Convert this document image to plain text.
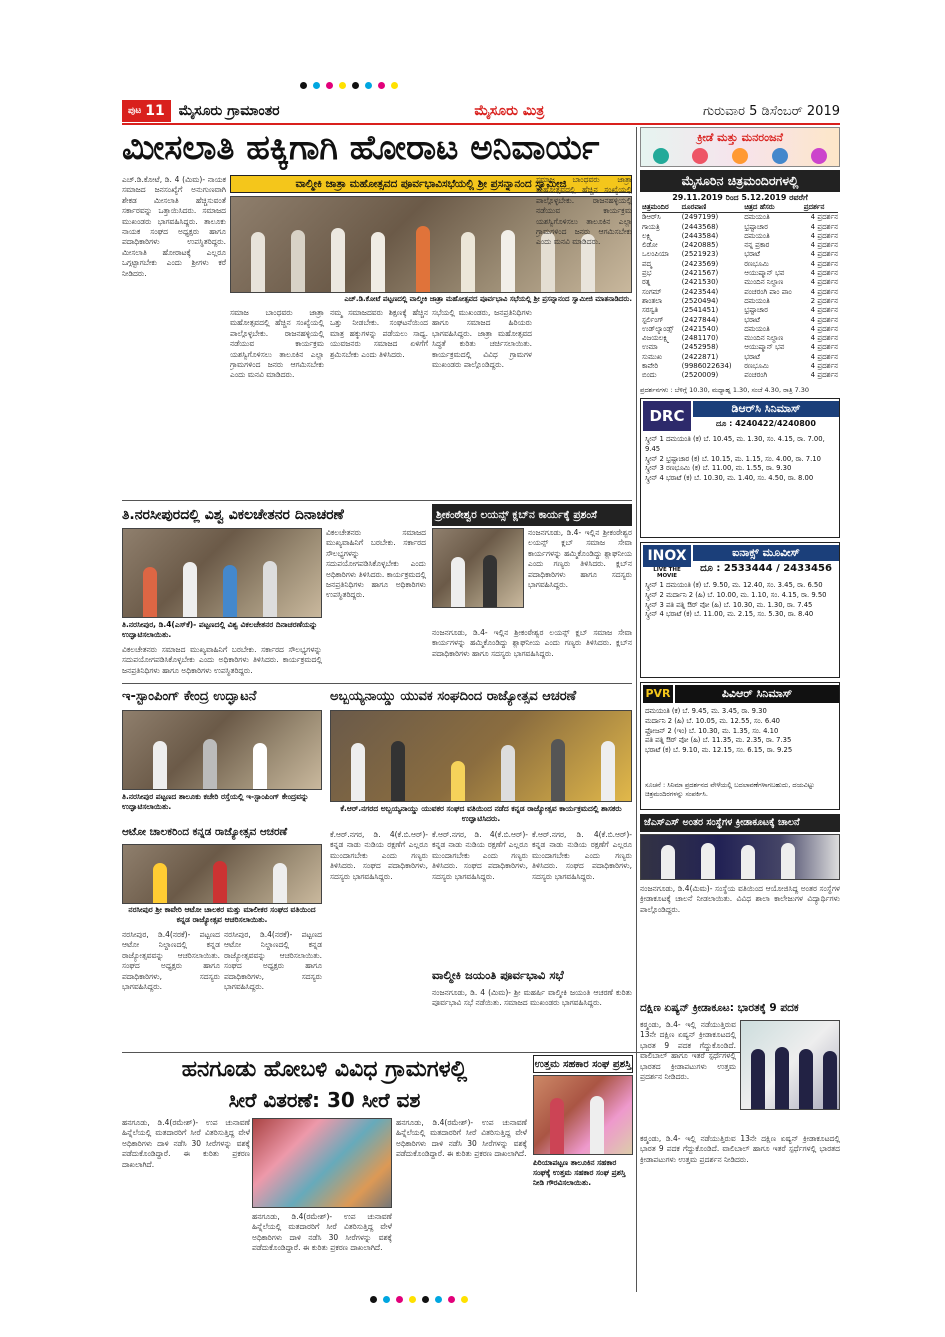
ಪುಟ 11 ಮೈಸೂರು ಗ್ರಾಮಾಂತರ	ಮೈಸೂರು ಮಿತ್ರ	ಗುರುವಾರ 5 ಡಿಸೆಂಬರ್ 2019
ಮೀಸಲಾತಿ ಹಕ್ಕಿಗಾಗಿ ಹೋರಾಟ ಅನಿವಾರ್ಯ
ವಾಲ್ಮೀಕಿ ಜಾತ್ರಾ ಮಹೋತ್ಸವದ ಪೂರ್ವಭಾವಿಸಭೆಯಲ್ಲಿ ಶ್ರೀ ಪ್ರಸನ್ನಾನಂದ ಸ್ವಾಮೀಜಿ
ಎಚ್.ಡಿ.ಕೋಟೆ, ಡಿ. 4 (ಮಿಮ)- ನಾಯಕ ಸಮಾಜದ ಜನಸಂಖ್ಯೆಗೆ ಅನುಗುಣವಾಗಿ ಶೇಕಡ ಮೀಸಲಾತಿ ಹೆಚ್ಚಿಸುವಂತೆ ಸರ್ಕಾರವನ್ನು ಒತ್ತಾಯಿಸಿದರು. ಸಮಾಜದ ಮುಖಂಡರು ಭಾಗವಹಿಸಿದ್ದರು. ತಾಲೂಕು ನಾಯಕ ಸಂಘದ ಅಧ್ಯಕ್ಷರು ಹಾಗೂ ಪದಾಧಿಕಾರಿಗಳು ಉಪಸ್ಥಿತರಿದ್ದರು. ಮೀಸಲಾತಿ ಹೋರಾಟಕ್ಕೆ ಎಲ್ಲರೂ ಒಗ್ಗಟ್ಟಾಗಬೇಕು ಎಂದು ಶ್ರೀಗಳು ಕರೆ ನೀಡಿದರು.
ಎಚ್.ಡಿ.ಕೋಟೆ ಪಟ್ಟಣದಲ್ಲಿ ವಾಲ್ಮೀಕಿ ಜಾತ್ರಾ ಮಹೋತ್ಸವದ ಪೂರ್ವಭಾವಿ ಸಭೆಯಲ್ಲಿ ಶ್ರೀ ಪ್ರಸನ್ನಾನಂದ ಸ್ವಾಮೀಜಿ ಮಾತನಾಡಿದರು.
ಸಮಾಜ ಬಾಂಧವರು ಜಾತ್ರಾ ಮಹೋತ್ಸವದಲ್ಲಿ ಹೆಚ್ಚಿನ ಸಂಖ್ಯೆಯಲ್ಲಿ ಪಾಲ್ಗೊಳ್ಳಬೇಕು. ರಾಜನಹಳ್ಳಿಯಲ್ಲಿ ನಡೆಯುವ ಕಾರ್ಯಕ್ರಮ ಯಶಸ್ವಿಗೊಳಿಸಲು ತಾಲೂಕಿನ ಎಲ್ಲಾ ಗ್ರಾಮಗಳಿಂದ ಜನರು ಆಗಮಿಸಬೇಕು ಎಂದು ಮನವಿ ಮಾಡಿದರು.
ನಮ್ಮ ಸಮಾಜದವರು ಶಿಕ್ಷಣಕ್ಕೆ ಹೆಚ್ಚಿನ ಒತ್ತು ನೀಡಬೇಕು. ಸಂಘಟನೆಯಿಂದ ಮಾತ್ರ ಹಕ್ಕುಗಳನ್ನು ಪಡೆಯಲು ಸಾಧ್ಯ. ಯುವಜನರು ಸಮಾಜದ ಏಳಿಗೆಗೆ ಶ್ರಮಿಸಬೇಕು ಎಂದು ತಿಳಿಸಿದರು.
ಸಭೆಯಲ್ಲಿ ಮುಖಂಡರು, ಜನಪ್ರತಿನಿಧಿಗಳು ಹಾಗೂ ಸಮಾಜದ ಹಿರಿಯರು ಭಾಗವಹಿಸಿದ್ದರು. ಜಾತ್ರಾ ಮಹೋತ್ಸವದ ಸಿದ್ಧತೆ ಕುರಿತು ಚರ್ಚಿಸಲಾಯಿತು. ಕಾರ್ಯಕ್ರಮದಲ್ಲಿ ವಿವಿಧ ಗ್ರಾಮಗಳ ಮುಖಂಡರು ಪಾಲ್ಗೊಂಡಿದ್ದರು.
ಸಮಾಜ ಬಾಂಧವರು ಜಾತ್ರಾ ಮಹೋತ್ಸವದಲ್ಲಿ ಹೆಚ್ಚಿನ ಸಂಖ್ಯೆಯಲ್ಲಿ ಪಾಲ್ಗೊಳ್ಳಬೇಕು. ರಾಜನಹಳ್ಳಿಯಲ್ಲಿ ನಡೆಯುವ ಕಾರ್ಯಕ್ರಮ ಯಶಸ್ವಿಗೊಳಿಸಲು ತಾಲೂಕಿನ ಎಲ್ಲಾ ಗ್ರಾಮಗಳಿಂದ ಜನರು ಆಗಮಿಸಬೇಕು ಎಂದು ಮನವಿ ಮಾಡಿದರು.
ತಿ.ನರಸೀಪುರದಲ್ಲಿ ವಿಶ್ವ ವಿಕಲಚೇತನರ ದಿನಾಚರಣೆ
ವಿಕಲಚೇತನರು ಸಮಾಜದ ಮುಖ್ಯವಾಹಿನಿಗೆ ಬರಬೇಕು. ಸರ್ಕಾರದ ಸೌಲಭ್ಯಗಳನ್ನು ಸದುಪಯೋಗಪಡಿಸಿಕೊಳ್ಳಬೇಕು ಎಂದು ಅಧಿಕಾರಿಗಳು ತಿಳಿಸಿದರು. ಕಾರ್ಯಕ್ರಮದಲ್ಲಿ ಜನಪ್ರತಿನಿಧಿಗಳು ಹಾಗೂ ಅಧಿಕಾರಿಗಳು ಉಪಸ್ಥಿತರಿದ್ದರು.
ತಿ.ನರಸೀಪುರ, ಡಿ.4(ಎಸ್‌ಕೆ)- ಪಟ್ಟಣದಲ್ಲಿ ವಿಶ್ವ ವಿಕಲಚೇತನರ ದಿನಾಚರಣೆಯನ್ನು ಉದ್ಘಾಟಿಸಲಾಯಿತು.
ವಿಕಲಚೇತನರು ಸಮಾಜದ ಮುಖ್ಯವಾಹಿನಿಗೆ ಬರಬೇಕು. ಸರ್ಕಾರದ ಸೌಲಭ್ಯಗಳನ್ನು ಸದುಪಯೋಗಪಡಿಸಿಕೊಳ್ಳಬೇಕು ಎಂದು ಅಧಿಕಾರಿಗಳು ತಿಳಿಸಿದರು. ಕಾರ್ಯಕ್ರಮದಲ್ಲಿ ಜನಪ್ರತಿನಿಧಿಗಳು ಹಾಗೂ ಅಧಿಕಾರಿಗಳು ಉಪಸ್ಥಿತರಿದ್ದರು.
ಶ್ರೀಕಂಠೇಶ್ವರ ಲಯನ್ಸ್ ಕ್ಲಬ್‌ನ ಕಾರ್ಯಕ್ಕೆ ಪ್ರಶಂಸೆ
ನಂಜನಗೂಡು, ಡಿ.4- ಇಲ್ಲಿನ ಶ್ರೀಕಂಠೇಶ್ವರ ಲಯನ್ಸ್ ಕ್ಲಬ್ ಸಮಾಜ ಸೇವಾ ಕಾರ್ಯಗಳನ್ನು ಹಮ್ಮಿಕೊಂಡಿದ್ದು ಶ್ಲಾಘನೀಯ ಎಂದು ಗಣ್ಯರು ತಿಳಿಸಿದರು. ಕ್ಲಬ್‌ನ ಪದಾಧಿಕಾರಿಗಳು ಹಾಗೂ ಸದಸ್ಯರು ಭಾಗವಹಿಸಿದ್ದರು.
ನಂಜನಗೂಡು, ಡಿ.4- ಇಲ್ಲಿನ ಶ್ರೀಕಂಠೇಶ್ವರ ಲಯನ್ಸ್ ಕ್ಲಬ್ ಸಮಾಜ ಸೇವಾ ಕಾರ್ಯಗಳನ್ನು ಹಮ್ಮಿಕೊಂಡಿದ್ದು ಶ್ಲಾಘನೀಯ ಎಂದು ಗಣ್ಯರು ತಿಳಿಸಿದರು. ಕ್ಲಬ್‌ನ ಪದಾಧಿಕಾರಿಗಳು ಹಾಗೂ ಸದಸ್ಯರು ಭಾಗವಹಿಸಿದ್ದರು.
ಇ-ಸ್ಟಾಂಪಿಂಗ್ ಕೇಂದ್ರ ಉದ್ಘಾಟನೆ
ತಿ.ನರಸೀಪುರ ಪಟ್ಟಣದ ತಾಲೂಕು ಕಚೇರಿ ರಸ್ತೆಯಲ್ಲಿ ಇ-ಸ್ಟಾಂಪಿಂಗ್ ಕೇಂದ್ರವನ್ನು ಉದ್ಘಾಟಿಸಲಾಯಿತು.
ಆಟೋ ಚಾಲಕರಿಂದ ಕನ್ನಡ ರಾಜ್ಯೋತ್ಸವ ಆಚರಣೆ
ನರಸೀಪುರ ಶ್ರೀ ಕಾವೇರಿ ಆಟೋ ಚಾಲಕರ ಮತ್ತು ಮಾಲೀಕರ ಸಂಘದ ವತಿಯಿಂದ ಕನ್ನಡ ರಾಜ್ಯೋತ್ಸವ ಆಚರಿಸಲಾಯಿತು.
ನರಸೀಪುರ, ಡಿ.4(ನರಕೆ)- ಪಟ್ಟಣದ ಆಟೋ ನಿಲ್ದಾಣದಲ್ಲಿ ಕನ್ನಡ ರಾಜ್ಯೋತ್ಸವವನ್ನು ಆಚರಿಸಲಾಯಿತು. ಸಂಘದ ಅಧ್ಯಕ್ಷರು ಹಾಗೂ ಪದಾಧಿಕಾರಿಗಳು, ಸದಸ್ಯರು ಭಾಗವಹಿಸಿದ್ದರು.
ನರಸೀಪುರ, ಡಿ.4(ನರಕೆ)- ಪಟ್ಟಣದ ಆಟೋ ನಿಲ್ದಾಣದಲ್ಲಿ ಕನ್ನಡ ರಾಜ್ಯೋತ್ಸವವನ್ನು ಆಚರಿಸಲಾಯಿತು. ಸಂಘದ ಅಧ್ಯಕ್ಷರು ಹಾಗೂ ಪದಾಧಿಕಾರಿಗಳು, ಸದಸ್ಯರು ಭಾಗವಹಿಸಿದ್ದರು.
ಅಬ್ಬಯ್ಯನಾಯ್ಡು ಯುವಕ ಸಂಘದಿಂದ ರಾಜ್ಯೋತ್ಸವ ಆಚರಣೆ
ಕೆ.ಆರ್.ನಗರದ ಅಬ್ಬಯ್ಯನಾಯ್ಡು ಯುವಕರ ಸಂಘದ ವತಿಯಿಂದ ನಡೆದ ಕನ್ನಡ ರಾಜ್ಯೋತ್ಸವ ಕಾರ್ಯಕ್ರಮದಲ್ಲಿ ಶಾಸಕರು ಉದ್ಘಾಟಿಸಿದರು.
ಕೆ.ಆರ್.ನಗರ, ಡಿ. 4(ಕೆ.ಬಿ.ಆರ್)- ಕನ್ನಡ ನಾಡು ನುಡಿಯ ರಕ್ಷಣೆಗೆ ಎಲ್ಲರೂ ಮುಂದಾಗಬೇಕು ಎಂದು ಗಣ್ಯರು ತಿಳಿಸಿದರು. ಸಂಘದ ಪದಾಧಿಕಾರಿಗಳು, ಸದಸ್ಯರು ಭಾಗವಹಿಸಿದ್ದರು.
ಕೆ.ಆರ್.ನಗರ, ಡಿ. 4(ಕೆ.ಬಿ.ಆರ್)- ಕನ್ನಡ ನಾಡು ನುಡಿಯ ರಕ್ಷಣೆಗೆ ಎಲ್ಲರೂ ಮುಂದಾಗಬೇಕು ಎಂದು ಗಣ್ಯರು ತಿಳಿಸಿದರು. ಸಂಘದ ಪದಾಧಿಕಾರಿಗಳು, ಸದಸ್ಯರು ಭಾಗವಹಿಸಿದ್ದರು.
ಕೆ.ಆರ್.ನಗರ, ಡಿ. 4(ಕೆ.ಬಿ.ಆರ್)- ಕನ್ನಡ ನಾಡು ನುಡಿಯ ರಕ್ಷಣೆಗೆ ಎಲ್ಲರೂ ಮುಂದಾಗಬೇಕು ಎಂದು ಗಣ್ಯರು ತಿಳಿಸಿದರು. ಸಂಘದ ಪದಾಧಿಕಾರಿಗಳು, ಸದಸ್ಯರು ಭಾಗವಹಿಸಿದ್ದರು.
ವಾಲ್ಮೀಕಿ ಜಯಂತಿ ಪೂರ್ವಭಾವಿ ಸಭೆ
ನಂಜನಗೂಡು, ಡಿ. 4 (ಮಿಮ)- ಶ್ರೀ ಮಹರ್ಷಿ ವಾಲ್ಮೀಕಿ ಜಯಂತಿ ಆಚರಣೆ ಕುರಿತು ಪೂರ್ವಭಾವಿ ಸಭೆ ನಡೆಯಿತು. ಸಮಾಜದ ಮುಖಂಡರು ಭಾಗವಹಿಸಿದ್ದರು.
ಹನಗೂಡು ಹೋಬಳಿ ವಿವಿಧ ಗ್ರಾಮಗಳಲ್ಲಿ
ಸೀರೆ ವಿತರಣೆ: 30 ಸೀರೆ ವಶ
ಹನಗೂಡು, ಡಿ.4(ರಮೇಶ್)- ಉಪ ಚುನಾವಣೆ ಹಿನ್ನೆಲೆಯಲ್ಲಿ ಮತದಾರರಿಗೆ ಸೀರೆ ವಿತರಿಸುತ್ತಿದ್ದ ವೇಳೆ ಅಧಿಕಾರಿಗಳು ದಾಳಿ ನಡೆಸಿ 30 ಸೀರೆಗಳನ್ನು ವಶಕ್ಕೆ ಪಡೆದುಕೊಂಡಿದ್ದಾರೆ. ಈ ಕುರಿತು ಪ್ರಕರಣ ದಾಖಲಾಗಿದೆ.
ಹನಗೂಡು, ಡಿ.4(ರಮೇಶ್)- ಉಪ ಚುನಾವಣೆ ಹಿನ್ನೆಲೆಯಲ್ಲಿ ಮತದಾರರಿಗೆ ಸೀರೆ ವಿತರಿಸುತ್ತಿದ್ದ ವೇಳೆ ಅಧಿಕಾರಿಗಳು ದಾಳಿ ನಡೆಸಿ 30 ಸೀರೆಗಳನ್ನು ವಶಕ್ಕೆ ಪಡೆದುಕೊಂಡಿದ್ದಾರೆ. ಈ ಕುರಿತು ಪ್ರಕರಣ ದಾಖಲಾಗಿದೆ.
ಹನಗೂಡು, ಡಿ.4(ರಮೇಶ್)- ಉಪ ಚುನಾವಣೆ ಹಿನ್ನೆಲೆಯಲ್ಲಿ ಮತದಾರರಿಗೆ ಸೀರೆ ವಿತರಿಸುತ್ತಿದ್ದ ವೇಳೆ ಅಧಿಕಾರಿಗಳು ದಾಳಿ ನಡೆಸಿ 30 ಸೀರೆಗಳನ್ನು ವಶಕ್ಕೆ ಪಡೆದುಕೊಂಡಿದ್ದಾರೆ. ಈ ಕುರಿತು ಪ್ರಕರಣ ದಾಖಲಾಗಿದೆ.
ಉತ್ತಮ ಸಹಕಾರ ಸಂಘ ಪ್ರಶಸ್ತಿ
ಪಿರಿಯಾಪಟ್ಟಣ ತಾಲೂಕಿನ ಸಹಕಾರ ಸಂಘಕ್ಕೆ ಉತ್ತಮ ಸಹಕಾರ ಸಂಘ ಪ್ರಶಸ್ತಿ ನೀಡಿ ಗೌರವಿಸಲಾಯಿತು.
ಕ್ರೀಡೆ ಮತ್ತು ಮನರಂಜನೆ
ಮೈಸೂರಿನ ಚಿತ್ರಮಂದಿರಗಳಲ್ಲಿ
29.11.2019 ರಿಂದ 5.12.2019 ರವರೆಗೆ
ಚಿತ್ರಮಂದಿರ	ದೂರವಾಣಿ	ಚಿತ್ರದ ಹೆಸರು	ಪ್ರದರ್ಶನ
ಡಿಆರ್‌ಸಿ	(2497199)	ದಮಯಂತಿ	4 ಪ್ರದರ್ಶನ
ಗಾಯತ್ರಿ	(2443568)	ಭ್ರಷ್ಟಾಚಾರ	4 ಪ್ರದರ್ಶನ
ಲಕ್ಷ್ಮಿ	(2443584)	ದಮಯಂತಿ	4 ಪ್ರದರ್ಶನ
ಲಿಡೋ	(2420885)	ನನ್ನ ಪ್ರಕಾರ	4 ಪ್ರದರ್ಶನ
ಒಲಂಪಿಯಾ	(2521923)	ಭರಾಟೆ	4 ಪ್ರದರ್ಶನ
ಪದ್ಮ	(2423569)	ರಣಭೂಮಿ	4 ಪ್ರದರ್ಶನ
ಪ್ರಭ	(2421567)	ಆಯುಷ್ಮಾನ್ ಭವ	4 ಪ್ರದರ್ಶನ
ರತ್ನ	(2421530)	ಮುಂದಿನ ನಿಲ್ದಾಣ	4 ಪ್ರದರ್ಶನ
ಸಂಗಮ್	(2423544)	ಪಂಚರಂಗಿ ಪಾಂ ಪಾಂ	4 ಪ್ರದರ್ಶನ
ಶಾಂತಲಾ	(2520494)	ದಮಯಂತಿ	2 ಪ್ರದರ್ಶನ
ಸರಸ್ವತಿ	(2541451)	ಭ್ರಷ್ಟಾಚಾರ	4 ಪ್ರದರ್ಶನ
ಸ್ಟರ್ಲಿಂಗ್	(2427844)	ಭರಾಟೆ	4 ಪ್ರದರ್ಶನ
ಉಡ್‌ಲ್ಯಾಂಡ್ಸ್	(2421540)	ದಮಯಂತಿ	4 ಪ್ರದರ್ಶನ
ವಿಜಯಲಕ್ಷ್ಮಿ	(2481170)	ಮುಂದಿನ ನಿಲ್ದಾಣ	4 ಪ್ರದರ್ಶನ
ಉಮಾ	(2452958)	ಆಯುಷ್ಮಾನ್ ಭವ	4 ಪ್ರದರ್ಶನ
ಸುಮುಖ	(2422871)	ಭರಾಟೆ	4 ಪ್ರದರ್ಶನ
ಕಾವೇರಿ	(9986022634)	ರಣಭೂಮಿ	4 ಪ್ರದರ್ಶನ
ಬಿಂದು	(2520009)	ಪಂಚರಂಗಿ	4 ಪ್ರದರ್ಶನ
ಪ್ರದರ್ಶನಗಳು : ಬೆಳಿಗ್ಗೆ 10.30, ಮಧ್ಯಾಹ್ನ 1.30, ಸಂಜೆ 4.30, ರಾತ್ರಿ 7.30
DRC	ಡಿಆರ್‌ಸಿ ಸಿನಿಮಾಸ್
ದೂ : 4240422/4240800
ಸ್ಕ್ರೀನ್ 1 ದಮಯಂತಿ (ಕ) ಬೆ. 10.45, ಮ. 1.30, ಸಂ. 4.15, ರಾ. 7.00, 9.45
ಸ್ಕ್ರೀನ್ 2 ಭ್ರಷ್ಟಾಚಾರ (ಕ) ಬೆ. 10.15, ಮ. 1.15, ಸಂ. 4.00, ರಾ. 7.10
ಸ್ಕ್ರೀನ್ 3 ರಣಭೂಮಿ (ಕ) ಬೆ. 11.00, ಮ. 1.55, ರಾ. 9.30
ಸ್ಕ್ರೀನ್ 4 ಭರಾಟೆ (ಕ) ಬೆ. 10.30, ಮ. 1.40, ಸಂ. 4.50, ರಾ. 8.00
INOX
LIVE THE MOVIE
ಐನಾಕ್ಸ್ ಮೂವೀಸ್
ದೂ : 2533444 / 2433456
ಸ್ಕ್ರೀನ್ 1 ದಮಯಂತಿ (ಕ) ಬೆ. 9.50, ಮ. 12.40, ಸಂ. 3.45, ರಾ. 6.50
ಸ್ಕ್ರೀನ್ 2 ಮರ್ದಾನಿ 2 (ಹಿ) ಬೆ. 10.00, ಮ. 1.10, ಸಂ. 4.15, ರಾ. 9.50
ಸ್ಕ್ರೀನ್ 3 ಪತಿ ಪತ್ನಿ ಔರ್ ವೋ (ಹಿ) ಬೆ. 10.30, ಮ. 1.30, ರಾ. 7.45
ಸ್ಕ್ರೀನ್ 4 ಭರಾಟೆ (ಕ) ಬೆ. 11.00, ಮ. 2.15, ಸಂ. 5.30, ರಾ. 8.40
PVR	ಪಿವಿಆರ್ ಸಿನಿಮಾಸ್
ದಮಯಂತಿ (ಕ) ಬೆ. 9.45, ಮ. 3.45, ರಾ. 9.30
ಮರ್ದಾನಿ 2 (ಹಿ) ಬೆ. 10.05, ಮ. 12.55, ಸಂ. 6.40
ಫ್ರೋಜನ್ 2 (ಇಂ) ಬೆ. 10.30, ಮ. 1.35, ಸಂ. 4.10
ಪತಿ ಪತ್ನಿ ಔರ್ ವೋ (ಹಿ) ಬೆ. 11.35, ಮ. 2.35, ರಾ. 7.35
ಭರಾಟೆ (ಕ) ಬೆ. 9.10, ಮ. 12.15, ಸಂ. 6.15, ರಾ. 9.25
ಸೂಚನೆ : ಸಿನಿಮಾ ಪ್ರದರ್ಶನದ ವೇಳೆಯಲ್ಲಿ ಬದಲಾವಣೆಗಳಾಗಬಹುದು, ದಯವಿಟ್ಟು ಚಿತ್ರಮಂದಿರಗಳನ್ನು ಸಂಪರ್ಕಿಸಿ.
ಜೆಎಸ್‌ಎಸ್ ಅಂತರ ಸಂಸ್ಥೆಗಳ ಕ್ರೀಡಾಕೂಟಕ್ಕೆ ಚಾಲನೆ
ನಂಜನಗೂಡು, ಡಿ.4(ಮಿಮ)- ಸಂಸ್ಥೆಯ ವತಿಯಿಂದ ಆಯೋಜಿಸಿದ್ದ ಅಂತರ ಸಂಸ್ಥೆಗಳ ಕ್ರೀಡಾಕೂಟಕ್ಕೆ ಚಾಲನೆ ನೀಡಲಾಯಿತು. ವಿವಿಧ ಶಾಲಾ ಕಾಲೇಜುಗಳ ವಿದ್ಯಾರ್ಥಿಗಳು ಪಾಲ್ಗೊಂಡಿದ್ದರು.
ದಕ್ಷಿಣ ಏಷ್ಯನ್ ಕ್ರೀಡಾಕೂಟ: ಭಾರತಕ್ಕೆ 9 ಪದಕ
ಕಠ್ಮಂಡು, ಡಿ.4- ಇಲ್ಲಿ ನಡೆಯುತ್ತಿರುವ 13ನೇ ದಕ್ಷಿಣ ಏಷ್ಯನ್ ಕ್ರೀಡಾಕೂಟದಲ್ಲಿ ಭಾರತ 9 ಪದಕ ಗೆದ್ದುಕೊಂಡಿದೆ. ವಾಲಿಬಾಲ್ ಹಾಗೂ ಇತರೆ ಸ್ಪರ್ಧೆಗಳಲ್ಲಿ ಭಾರತದ ಕ್ರೀಡಾಪಟುಗಳು ಉತ್ತಮ ಪ್ರದರ್ಶನ ನೀಡಿದರು.
ಕಠ್ಮಂಡು, ಡಿ.4- ಇಲ್ಲಿ ನಡೆಯುತ್ತಿರುವ 13ನೇ ದಕ್ಷಿಣ ಏಷ್ಯನ್ ಕ್ರೀಡಾಕೂಟದಲ್ಲಿ ಭಾರತ 9 ಪದಕ ಗೆದ್ದುಕೊಂಡಿದೆ. ವಾಲಿಬಾಲ್ ಹಾಗೂ ಇತರೆ ಸ್ಪರ್ಧೆಗಳಲ್ಲಿ ಭಾರತದ ಕ್ರೀಡಾಪಟುಗಳು ಉತ್ತಮ ಪ್ರದರ್ಶನ ನೀಡಿದರು.
